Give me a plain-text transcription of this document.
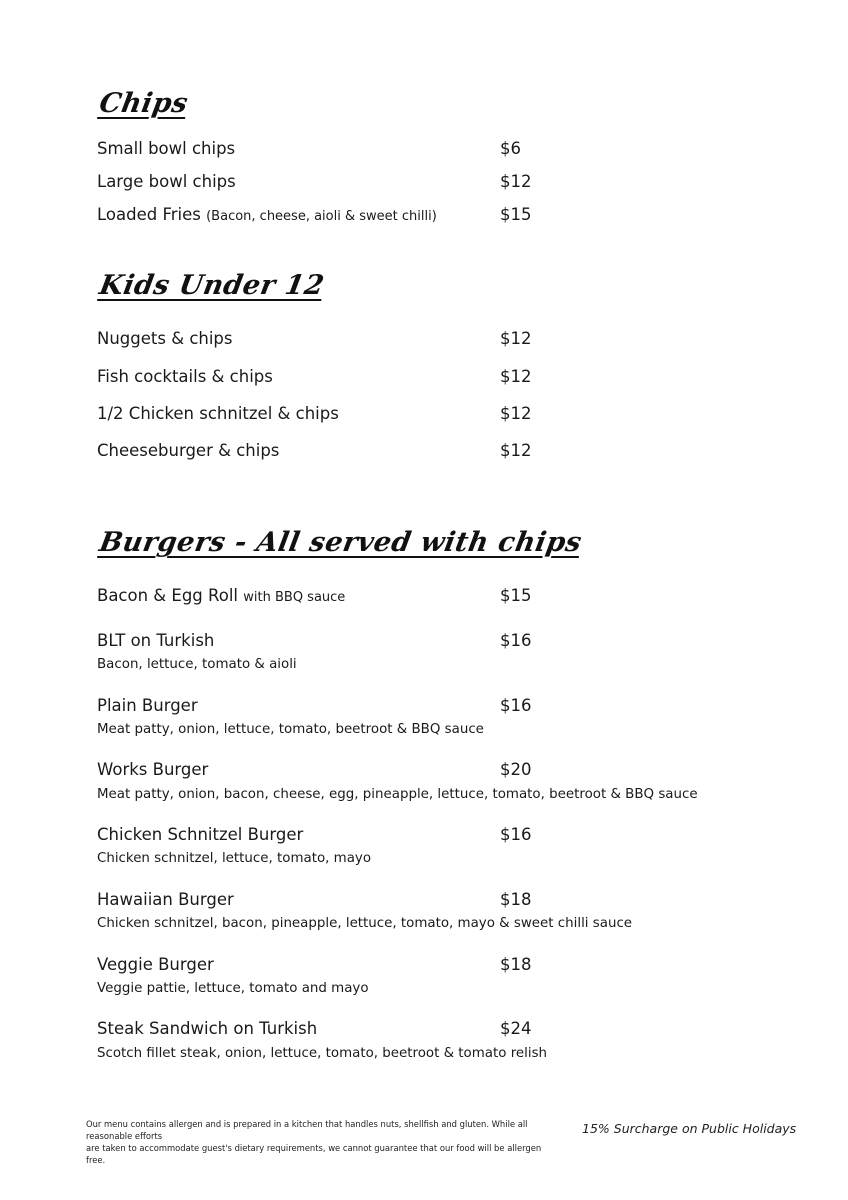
Chips
Small bowl chips	$6
Large bowl chips	$12
Loaded Fries (Bacon, cheese, aioli & sweet chilli)	$15
Kids Under 12
Nuggets & chips	$12
Fish cocktails & chips	$12
1/2 Chicken schnitzel & chips	$12
Cheeseburger & chips	$12
Burgers - All served with chips
Bacon & Egg Roll with BBQ sauce	$15
BLT on Turkish	$16
Bacon, lettuce, tomato & aioli
Plain Burger	$16
Meat patty, onion, lettuce, tomato, beetroot & BBQ sauce
Works Burger	$20
Meat patty, onion, bacon, cheese, egg, pineapple, lettuce, tomato, beetroot & BBQ sauce
Chicken Schnitzel Burger	$16
Chicken schnitzel, lettuce, tomato, mayo
Hawaiian Burger	$18
Chicken schnitzel, bacon, pineapple, lettuce, tomato, mayo & sweet chilli sauce
Veggie Burger	$18
Veggie pattie, lettuce, tomato and mayo
Steak Sandwich on Turkish	$24
Scotch fillet steak, onion, lettuce, tomato, beetroot & tomato relish
Our menu contains allergen and is prepared in a kitchen that handles nuts, shellfish and gluten. While all reasonable efforts
are taken to accommodate guest's dietary requirements, we cannot guarantee that our food will be allergen free.
15% Surcharge on Public Holidays
